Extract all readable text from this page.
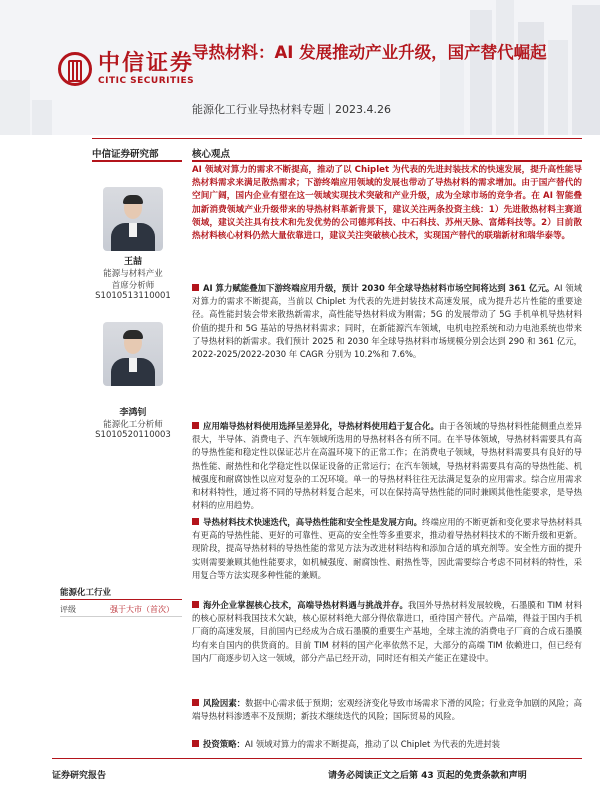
中信证券
CITIC SECURITIES
导热材料：AI 发展推动产业升级，国产替代崛起
能源化工行业导热材料专题｜2023.4.26
中信证券研究部	核心观点
王喆
能源与材料产业
首席分析师
S1010513110001
李鸿钊
能源化工分析师
S1010520110003
能源化工行业
评级	强于大市（首次）
AI 领域对算力的需求不断提高，推动了以 Chiplet 为代表的先进封装技术的快速发展，提升高性能导热材料需求来满足散热需求；下游终端应用领域的发展也带动了导热材料的需求增加。由于国产替代的空间广阔，国内企业有望在这一领域实现技术突破和产业升级，成为全球市场的竞争者。在 AI 智能叠加新消费领域产业升级带来的导热材料革新背景下，建议关注两条投资主线：1）先进散热材料主赛道领域，建议关注具有技术和先发优势的公司德邦科技、中石科技、苏州天脉、富烯科技等。2）目前散热材料核心材料仍然大量依靠进口，建议关注突破核心技术，实现国产替代的联瑞新材和瑞华泰等。
AI 算力赋能叠加下游终端应用升级，预计 2030 年全球导热材料市场空间将达到 361 亿元。AI 领域对算力的需求不断提高，当前以 Chiplet 为代表的先进封装技术高速发展，成为提升芯片性能的重要途径。高性能封装会带来散热新需求，高性能导热材料成为刚需；5G 的发展带动了 5G 手机单机导热材料价值的提升和 5G 基站的导热材料需求；同时，在新能源汽车领域，电机电控系统和动力电池系统也带来了导热材料的新需求。我们预计 2025 和 2030 年全球导热材料市场规模分别会达到 290 和 361 亿元，2022-2025/2022-2030 年 CAGR 分别为 10.2%和 7.6%。
应用端导热材料使用选择呈差异化，导热材料使用趋于复合化。由于各领域的导热材料性能侧重点差异很大，半导体、消费电子、汽车领域所选用的导热材料各有所不同。在半导体领域，导热材料需要具有高的导热性能和稳定性以保证芯片在高温环境下的正常工作；在消费电子领域，导热材料需要具有良好的导热性能、耐热性和化学稳定性以保证设备的正常运行；在汽车领域，导热材料需要具有高的导热性能、机械强度和耐腐蚀性以应对复杂的工况环境。单一的导热材料往往无法满足复杂的应用需求。综合应用需求和材料特性，通过将不同的导热材料复合起来，可以在保持高导热性能的同时兼顾其他性能要求，是导热材料的应用趋势。
导热材料技术快速迭代，高导热性能和安全性是发展方向。终端应用的不断更新和变化要求导热材料具有更高的导热性能、更好的可靠性、更高的安全性等多重要求，推动着导热材料技术的不断升级和更新。现阶段，提高导热材料的导热性能的常见方法为改进材料结构和添加合适的填充剂等。安全性方面的提升实则需要兼顾其他性能要求，如机械强度、耐腐蚀性、耐热性等，因此需要综合考虑不同材料的特性，采用复合等方法实现多种性能的兼顾。
海外企业掌握核心技术，高端导热材料遇与挑战并存。我国外导热材料发展较晚，石墨膜和 TIM 材料的核心原材料我国技术欠缺，核心原材料绝大部分得依靠进口，亟待国产替代。产品端，得益于国内手机厂商的高速发展，目前国内已经成为合成石墨膜的重要生产基地，全球主流的消费电子厂商的合成石墨膜均有来自国内的供货商的。目前 TIM 材料的国产化率依然不足，大部分的高端 TIM 依赖进口，但已经有国内厂商逐步切入这一领域，部分产品已经开动，同时还有相关产能正在建设中。
风险因素：数据中心需求低于预期；宏观经济变化导致市场需求下滑的风险；行业竞争加剧的风险；高端导热材料渗透率不及预期；新技术继续迭代的风险；国际贸易的风险。
投资策略：AI 领域对算力的需求不断提高，推动了以 Chiplet 为代表的先进封装
证券研究报告	请务必阅读正文之后第 43 页起的免责条款和声明
